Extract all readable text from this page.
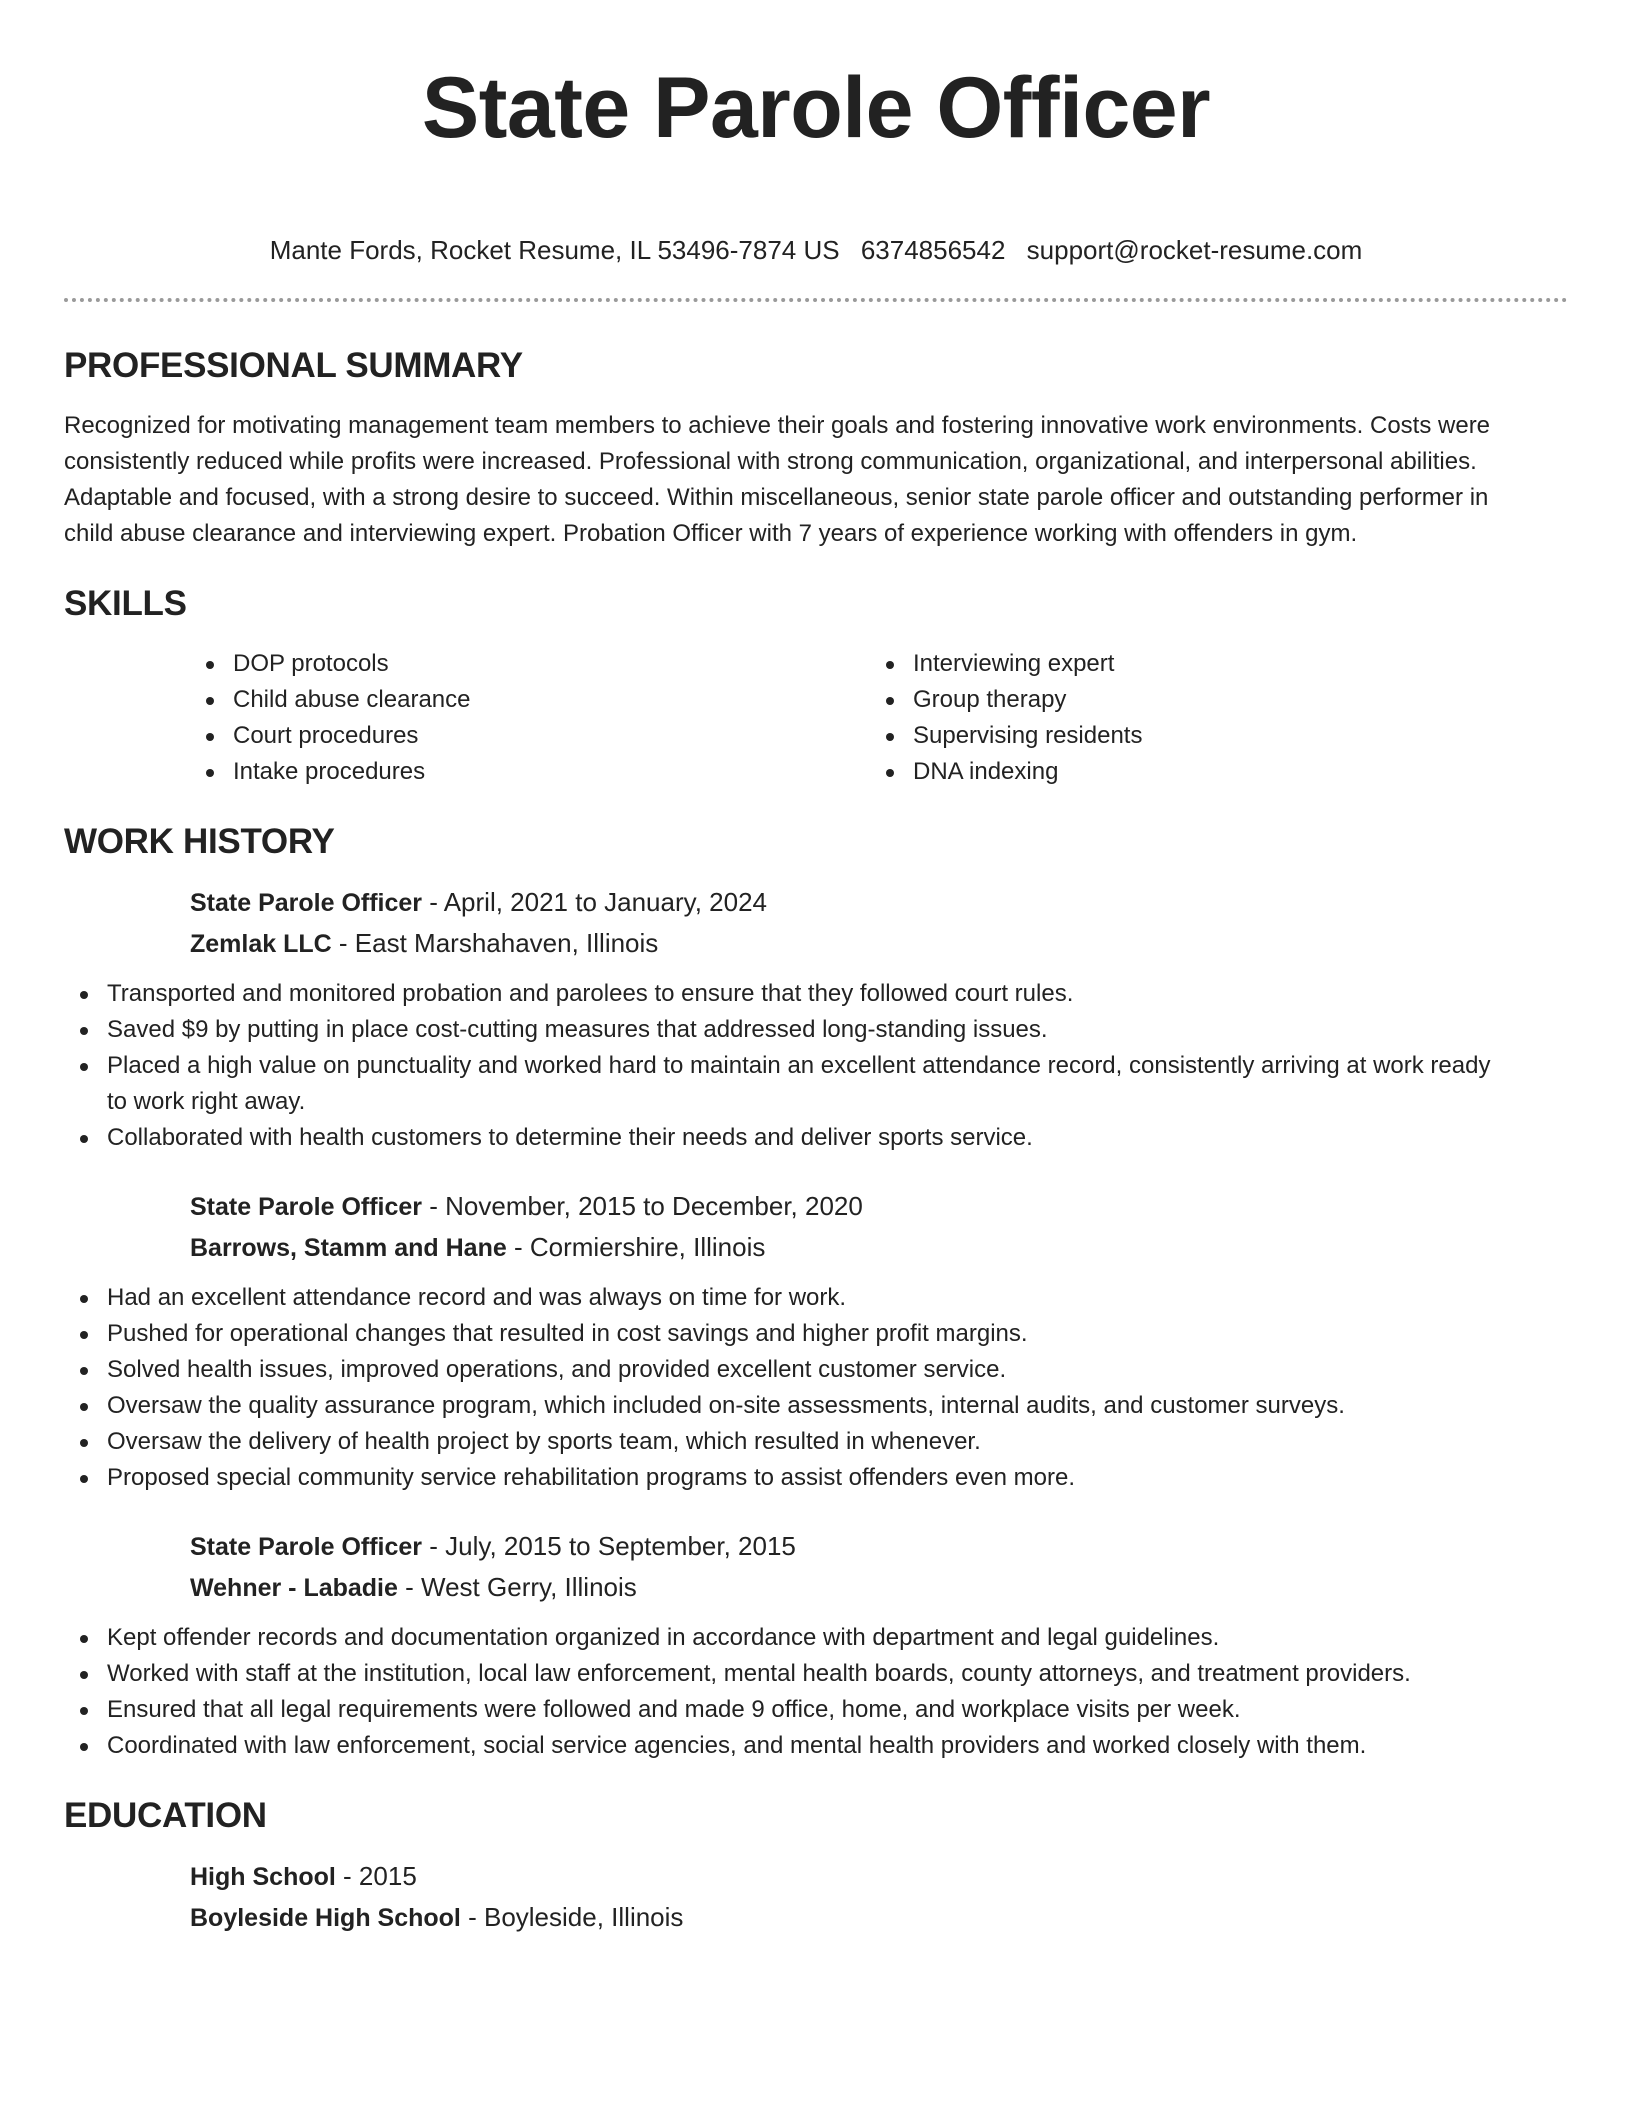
State Parole Officer
Mante Fords, Rocket Resume, IL 53496-7874 US 6374856542 support@rocket-resume.com
PROFESSIONAL SUMMARY

Recognized for motivating management team members to achieve their goals and fostering innovative work environments. Costs were consistently reduced while profits were increased. Professional with strong communication, organizational, and interpersonal abilities. Adaptable and focused, with a strong desire to succeed. Within miscellaneous, senior state parole officer and outstanding performer in child abuse clearance and interviewing expert. Probation Officer with 7 years of experience working with offenders in gym.

SKILLS
DOP protocols
Child abuse clearance
Court procedures
Intake procedures
Interviewing expert
Group therapy
Supervising residents
DNA indexing
WORK HISTORY
State Parole Officer - April, 2021 to January, 2024
Zemlak LLC - East Marshahaven, Illinois
Transported and monitored probation and parolees to ensure that they followed court rules.
Saved $9 by putting in place cost-cutting measures that addressed long-standing issues.
Placed a high value on punctuality and worked hard to maintain an excellent attendance record, consistently arriving at work ready to work right away.
Collaborated with health customers to determine their needs and deliver sports service.
State Parole Officer - November, 2015 to December, 2020
Barrows, Stamm and Hane - Cormiershire, Illinois
Had an excellent attendance record and was always on time for work.
Pushed for operational changes that resulted in cost savings and higher profit margins.
Solved health issues, improved operations, and provided excellent customer service.
Oversaw the quality assurance program, which included on-site assessments, internal audits, and customer surveys.
Oversaw the delivery of health project by sports team, which resulted in whenever.
Proposed special community service rehabilitation programs to assist offenders even more.
State Parole Officer - July, 2015 to September, 2015
Wehner - Labadie - West Gerry, Illinois
Kept offender records and documentation organized in accordance with department and legal guidelines.
Worked with staff at the institution, local law enforcement, mental health boards, county attorneys, and treatment providers.
Ensured that all legal requirements were followed and made 9 office, home, and workplace visits per week.
Coordinated with law enforcement, social service agencies, and mental health providers and worked closely with them.
EDUCATION
High School - 2015
Boyleside High School - Boyleside, Illinois
